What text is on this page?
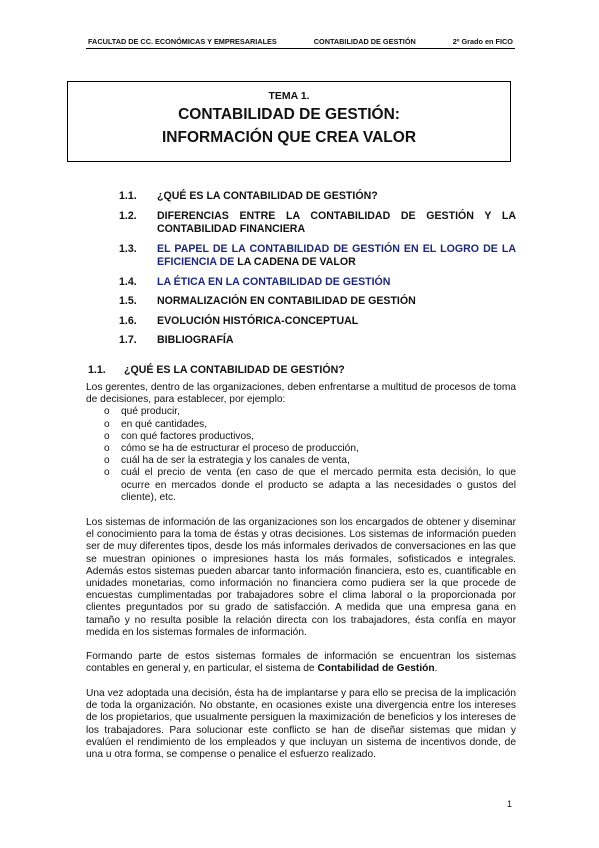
FACULTAD DE CC. ECONÓMICAS Y EMPRESARIALES	CONTABILIDAD DE GESTIÓN	2º Grado en FICO
TEMA 1.
CONTABILIDAD DE GESTIÓN:
INFORMACIÓN QUE CREA VALOR
1.1.	¿QUÉ ES LA CONTABILIDAD DE GESTIÓN?
1.2.	DIFERENCIAS ENTRE LA CONTABILIDAD DE GESTIÓN Y LA CONTABILIDAD FINANCIERA
1.3.	EL PAPEL DE LA CONTABILIDAD DE GESTIÓN EN EL LOGRO DE LA EFICIENCIA DE LA CADENA DE VALOR
1.4.	LA ÉTICA EN LA CONTABILIDAD DE GESTIÓN
1.5.	NORMALIZACIÓN EN CONTABILIDAD DE GESTIÓN
1.6.	EVOLUCIÓN HISTÓRICA-CONCEPTUAL
1.7.	BIBLIOGRAFÍA
1.1.	¿QUÉ ES LA CONTABILIDAD DE GESTIÓN?

Los gerentes, dentro de las organizaciones, deben enfrentarse a multitud de procesos de toma de decisiones, para establecer, por ejemplo:

o qué producir,
o en qué cantidades,
o con qué factores productivos,
o cómo se ha de estructurar el proceso de producción,
o cuál ha de ser la estrategia y los canales de venta,
o cuál el precio de venta (en caso de que el mercado permita esta decisión, lo que ocurre en mercados donde el producto se adapta a las necesidades o gustos del cliente), etc.

Los sistemas de información de las organizaciones son los encargados de obtener y diseminar el conocimiento para la toma de éstas y otras decisiones. Los sistemas de información pueden ser de muy diferentes tipos, desde los más informales derivados de conversaciones en las que se muestran opiniones o impresiones hasta los más formales, sofisticados e integrales. Además estos sistemas pueden abarcar tanto información financiera, esto es, cuantificable en unidades monetarias, como información no financiera como pudiera ser la que procede de encuestas cumplimentadas por trabajadores sobre el clima laboral o la proporcionada por clientes preguntados por su grado de satisfacción. A medida que una empresa gana en tamaño y no resulta posible la relación directa con los trabajadores, ésta confía en mayor medida en los sistemas formales de información.

Formando parte de estos sistemas formales de información se encuentran los sistemas contables en general y, en particular, el sistema de Contabilidad de Gestión.

Una vez adoptada una decisión, ésta ha de implantarse y para ello se precisa de la implicación de toda la organización. No obstante, en ocasiones existe una divergencia entre los intereses de los propietarios, que usualmente persiguen la maximización de beneficios y los intereses de los trabajadores. Para solucionar este conflicto se han de diseñar sistemas que midan y evalúen el rendimiento de los empleados y que incluyan un sistema de incentivos donde, de una u otra forma, se compense o penalice el esfuerzo realizado.

1
